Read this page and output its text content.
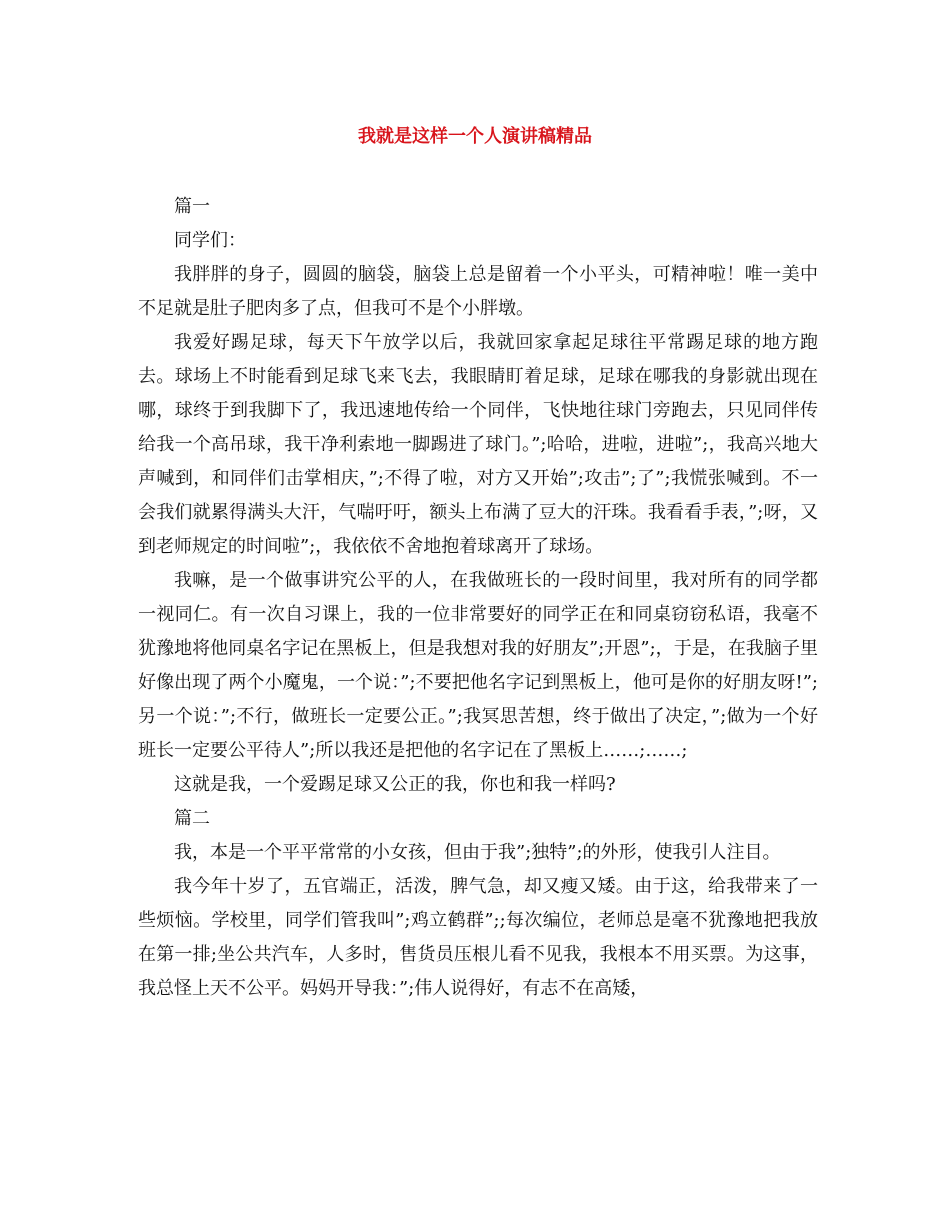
我就是这样一个人演讲稿精品

篇一

同学们：

我胖胖的身子，圆圆的脑袋，脑袋上总是留着一个小平头，可精神啦！唯一美中不足就是肚子肥肉多了点，但我可不是个小胖墩。

我爱好踢足球，每天下午放学以后，我就回家拿起足球往平常踢足球的地方跑去。球场上不时能看到足球飞来飞去，我眼睛盯着足球，足球在哪我的身影就出现在哪，球终于到我脚下了，我迅速地传给一个同伴，飞快地往球门旁跑去，只见同伴传给我一个高吊球，我干净利索地一脚踢进了球门。”;哈哈，进啦，进啦”;，我高兴地大声喊到，和同伴们击掌相庆，”;不得了啦，对方又开始”;攻击”;了”;我慌张喊到。不一会我们就累得满头大汗，气喘吁吁，额头上布满了豆大的汗珠。我看看手表，”;呀，又到老师规定的时间啦”;，我依依不舍地抱着球离开了球场。

我嘛，是一个做事讲究公平的人，在我做班长的一段时间里，我对所有的同学都一视同仁。有一次自习课上，我的一位非常要好的同学正在和同桌窃窃私语，我毫不犹豫地将他同桌名字记在黑板上，但是我想对我的好朋友”;开恩”;，于是，在我脑子里好像出现了两个小魔鬼，一个说：”;不要把他名字记到黑板上，他可是你的好朋友呀!”;另一个说：”;不行，做班长一定要公正。”;我冥思苦想，终于做出了决定，”;做为一个好班长一定要公平待人”;所以我还是把他的名字记在了黑板上……;……;

这就是我，一个爱踢足球又公正的我，你也和我一样吗?

篇二

我，本是一个平平常常的小女孩，但由于我”;独特”;的外形，使我引人注目。

我今年十岁了，五官端正，活泼，脾气急，却又瘦又矮。由于这，给我带来了一些烦恼。学校里，同学们管我叫”;鸡立鹤群”;;每次编位，老师总是毫不犹豫地把我放在第一排;坐公共汽车，人多时，售货员压根儿看不见我，我根本不用买票。为这事，我总怪上天不公平。妈妈开导我：”;伟人说得好，有志不在高矮，
